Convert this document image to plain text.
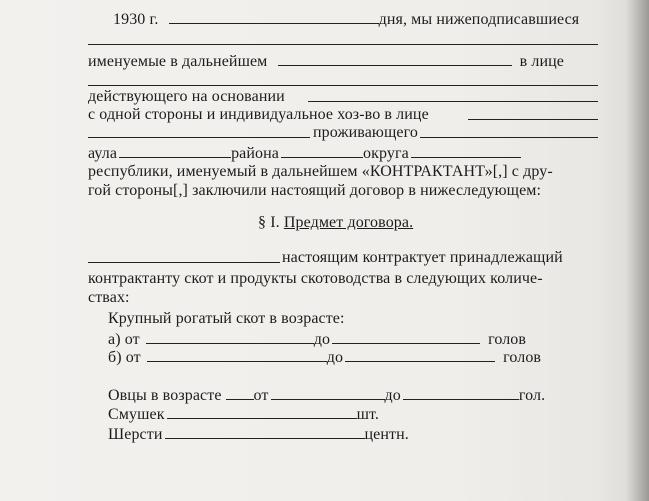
1930 г.	дня, мы нижеподписавшиеся
именуемые в дальнейшем	в лице
действующего на основании
с одной стороны и индивидуальное хоз-во в лице
проживающего
аула	района	округа
республики, именуемый в дальнейшем «КОНТРАКТАНТ»[,] с дру-
гой стороны[,] заключили настоящий договор в нижеследующем:
§ I. Предмет договора.
настоящим контрактует принадлежащий
контрактанту скот и продукты скотоводства в следующих количе-
ствах:
Крупный рогатый скот в возрасте:
а) от	до	голов
б) от	до	голов
Овцы в возрасте от	до	гол.
Смушек	шт.
Шерсти	центн.
